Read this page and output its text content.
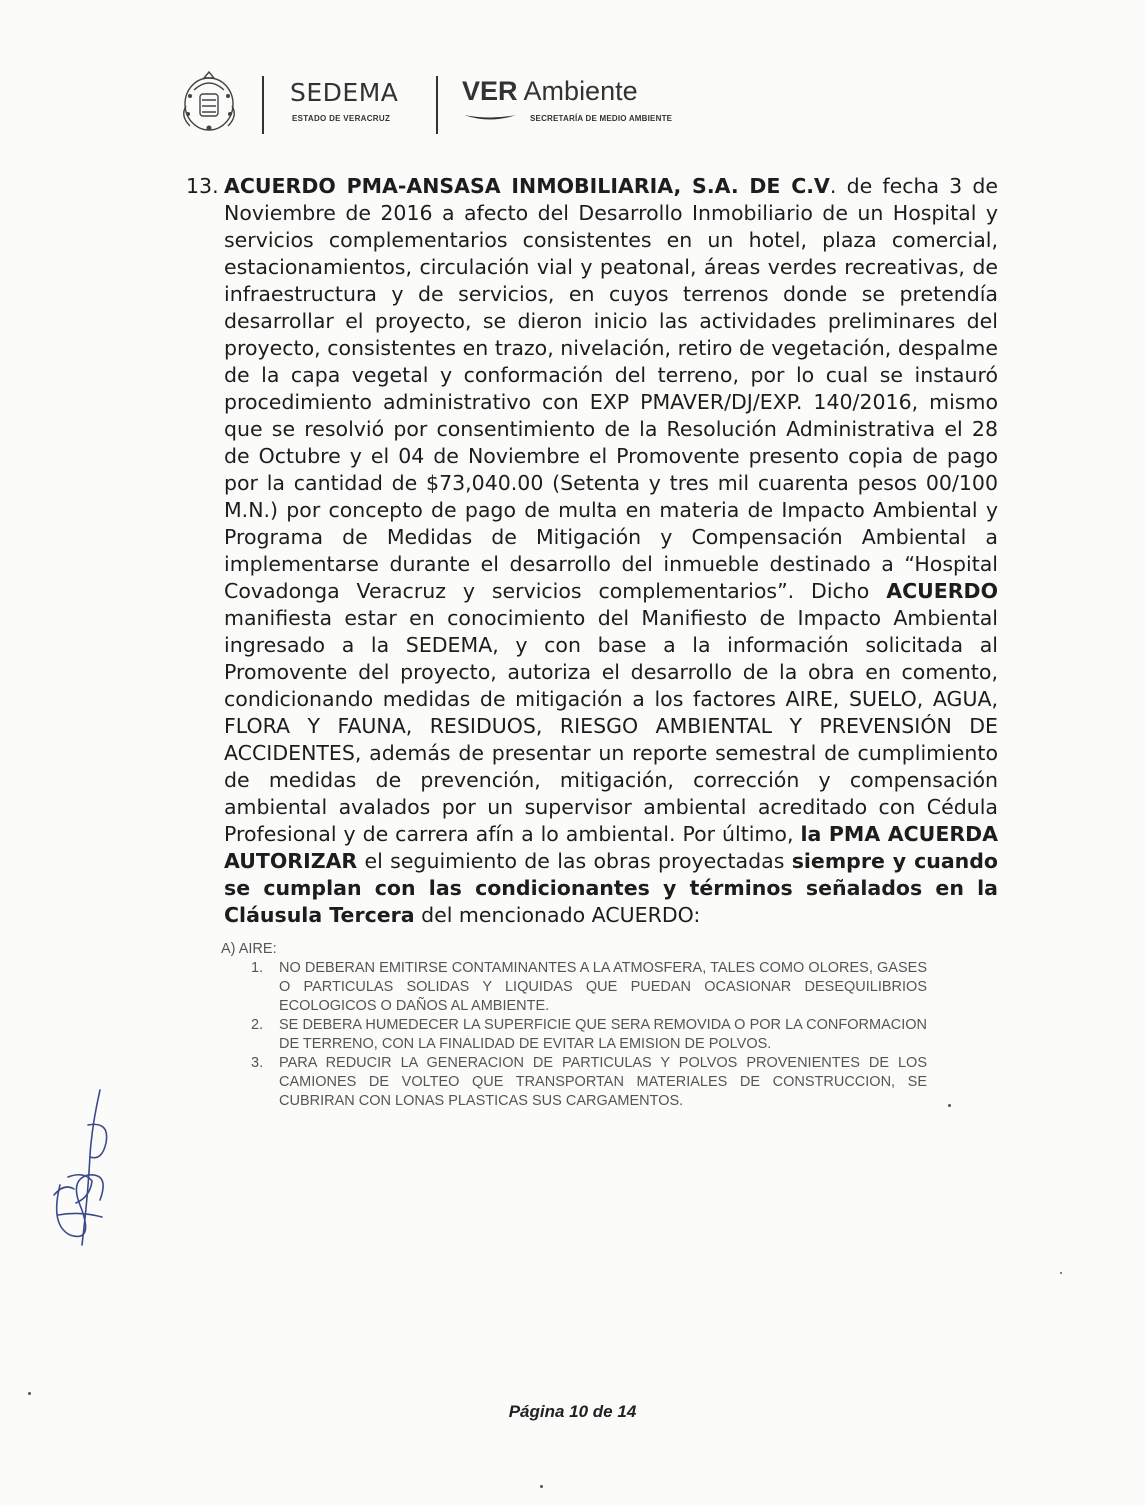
SEDEMA
ESTADO DE VERACRUZ
VER Ambiente
SECRETARÍA DE MEDIO AMBIENTE
13. ACUERDO PMA-ANSASA INMOBILIARIA, S.A. DE C.V. de fecha 3 de Noviembre de 2016 a afecto del Desarrollo Inmobiliario de un Hospital y servicios complementarios consistentes en un hotel, plaza comercial, estacionamientos, circulación vial y peatonal, áreas verdes recreativas, de infraestructura y de servicios, en cuyos terrenos donde se pretendía desarrollar el proyecto, se dieron inicio las actividades preliminares del proyecto, consistentes en trazo, nivelación, retiro de vegetación, despalme de la capa vegetal y conformación del terreno, por lo cual se instauró procedimiento administrativo con EXP PMAVER/DJ/EXP. 140/2016, mismo que se resolvió por consentimiento de la Resolución Administrativa el 28 de Octubre y el 04 de Noviembre el Promovente presento copia de pago por la cantidad de $73,040.00 (Setenta y tres mil cuarenta pesos 00/100 M.N.) por concepto de pago de multa en materia de Impacto Ambiental y Programa de Medidas de Mitigación y Compensación Ambiental a implementarse durante el desarrollo del inmueble destinado a “Hospital Covadonga Veracruz y servicios complementarios”. Dicho ACUERDO manifiesta estar en conocimiento del Manifiesto de Impacto Ambiental ingresado a la SEDEMA, y con base a la información solicitada al Promovente del proyecto, autoriza el desarrollo de la obra en comento, condicionando medidas de mitigación a los factores AIRE, SUELO, AGUA, FLORA Y FAUNA, RESIDUOS, RIESGO AMBIENTAL Y PREVENSIÓN DE ACCIDENTES, además de presentar un reporte semestral de cumplimiento de medidas de prevención, mitigación, corrección y compensación ambiental avalados por un supervisor ambiental acreditado con Cédula Profesional y de carrera afín a lo ambiental. Por último, la PMA ACUERDA AUTORIZAR el seguimiento de las obras proyectadas siempre y cuando se cumplan con las condicionantes y términos señalados en la Cláusula Tercera del mencionado ACUERDO:
A) AIRE:
1. NO DEBERAN EMITIRSE CONTAMINANTES A LA ATMOSFERA, TALES COMO OLORES, GASES O PARTICULAS SOLIDAS Y LIQUIDAS QUE PUEDAN OCASIONAR DESEQUILIBRIOS ECOLOGICOS O DAÑOS AL AMBIENTE.
2. SE DEBERA HUMEDECER LA SUPERFICIE QUE SERA REMOVIDA O POR LA CONFORMACION DE TERRENO, CON LA FINALIDAD DE EVITAR LA EMISION DE POLVOS.
3. PARA REDUCIR LA GENERACION DE PARTICULAS Y POLVOS PROVENIENTES DE LOS CAMIONES DE VOLTEO QUE TRANSPORTAN MATERIALES DE CONSTRUCCION, SE CUBRIRAN CON LONAS PLASTICAS SUS CARGAMENTOS.
Página 10 de 14
